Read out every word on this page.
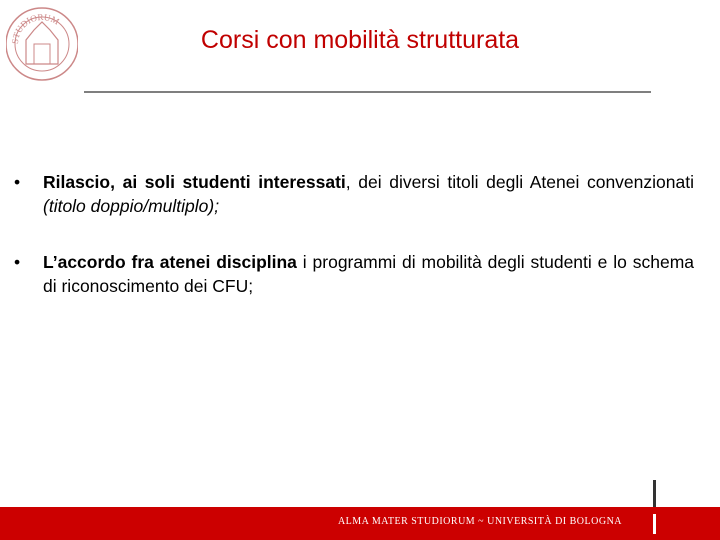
STUDIORUM
Corsi con mobilità strutturata
• Rilascio, ai soli studenti interessati, dei diversi titoli degli Atenei convenzionati (titolo doppio/multiplo);
• L’accordo fra atenei disciplina i programmi di mobilità degli studenti e lo schema di riconoscimento dei CFU;
ALMA MATER STUDIORUM ~ UNIVERSITÀ DI BOLOGNA
